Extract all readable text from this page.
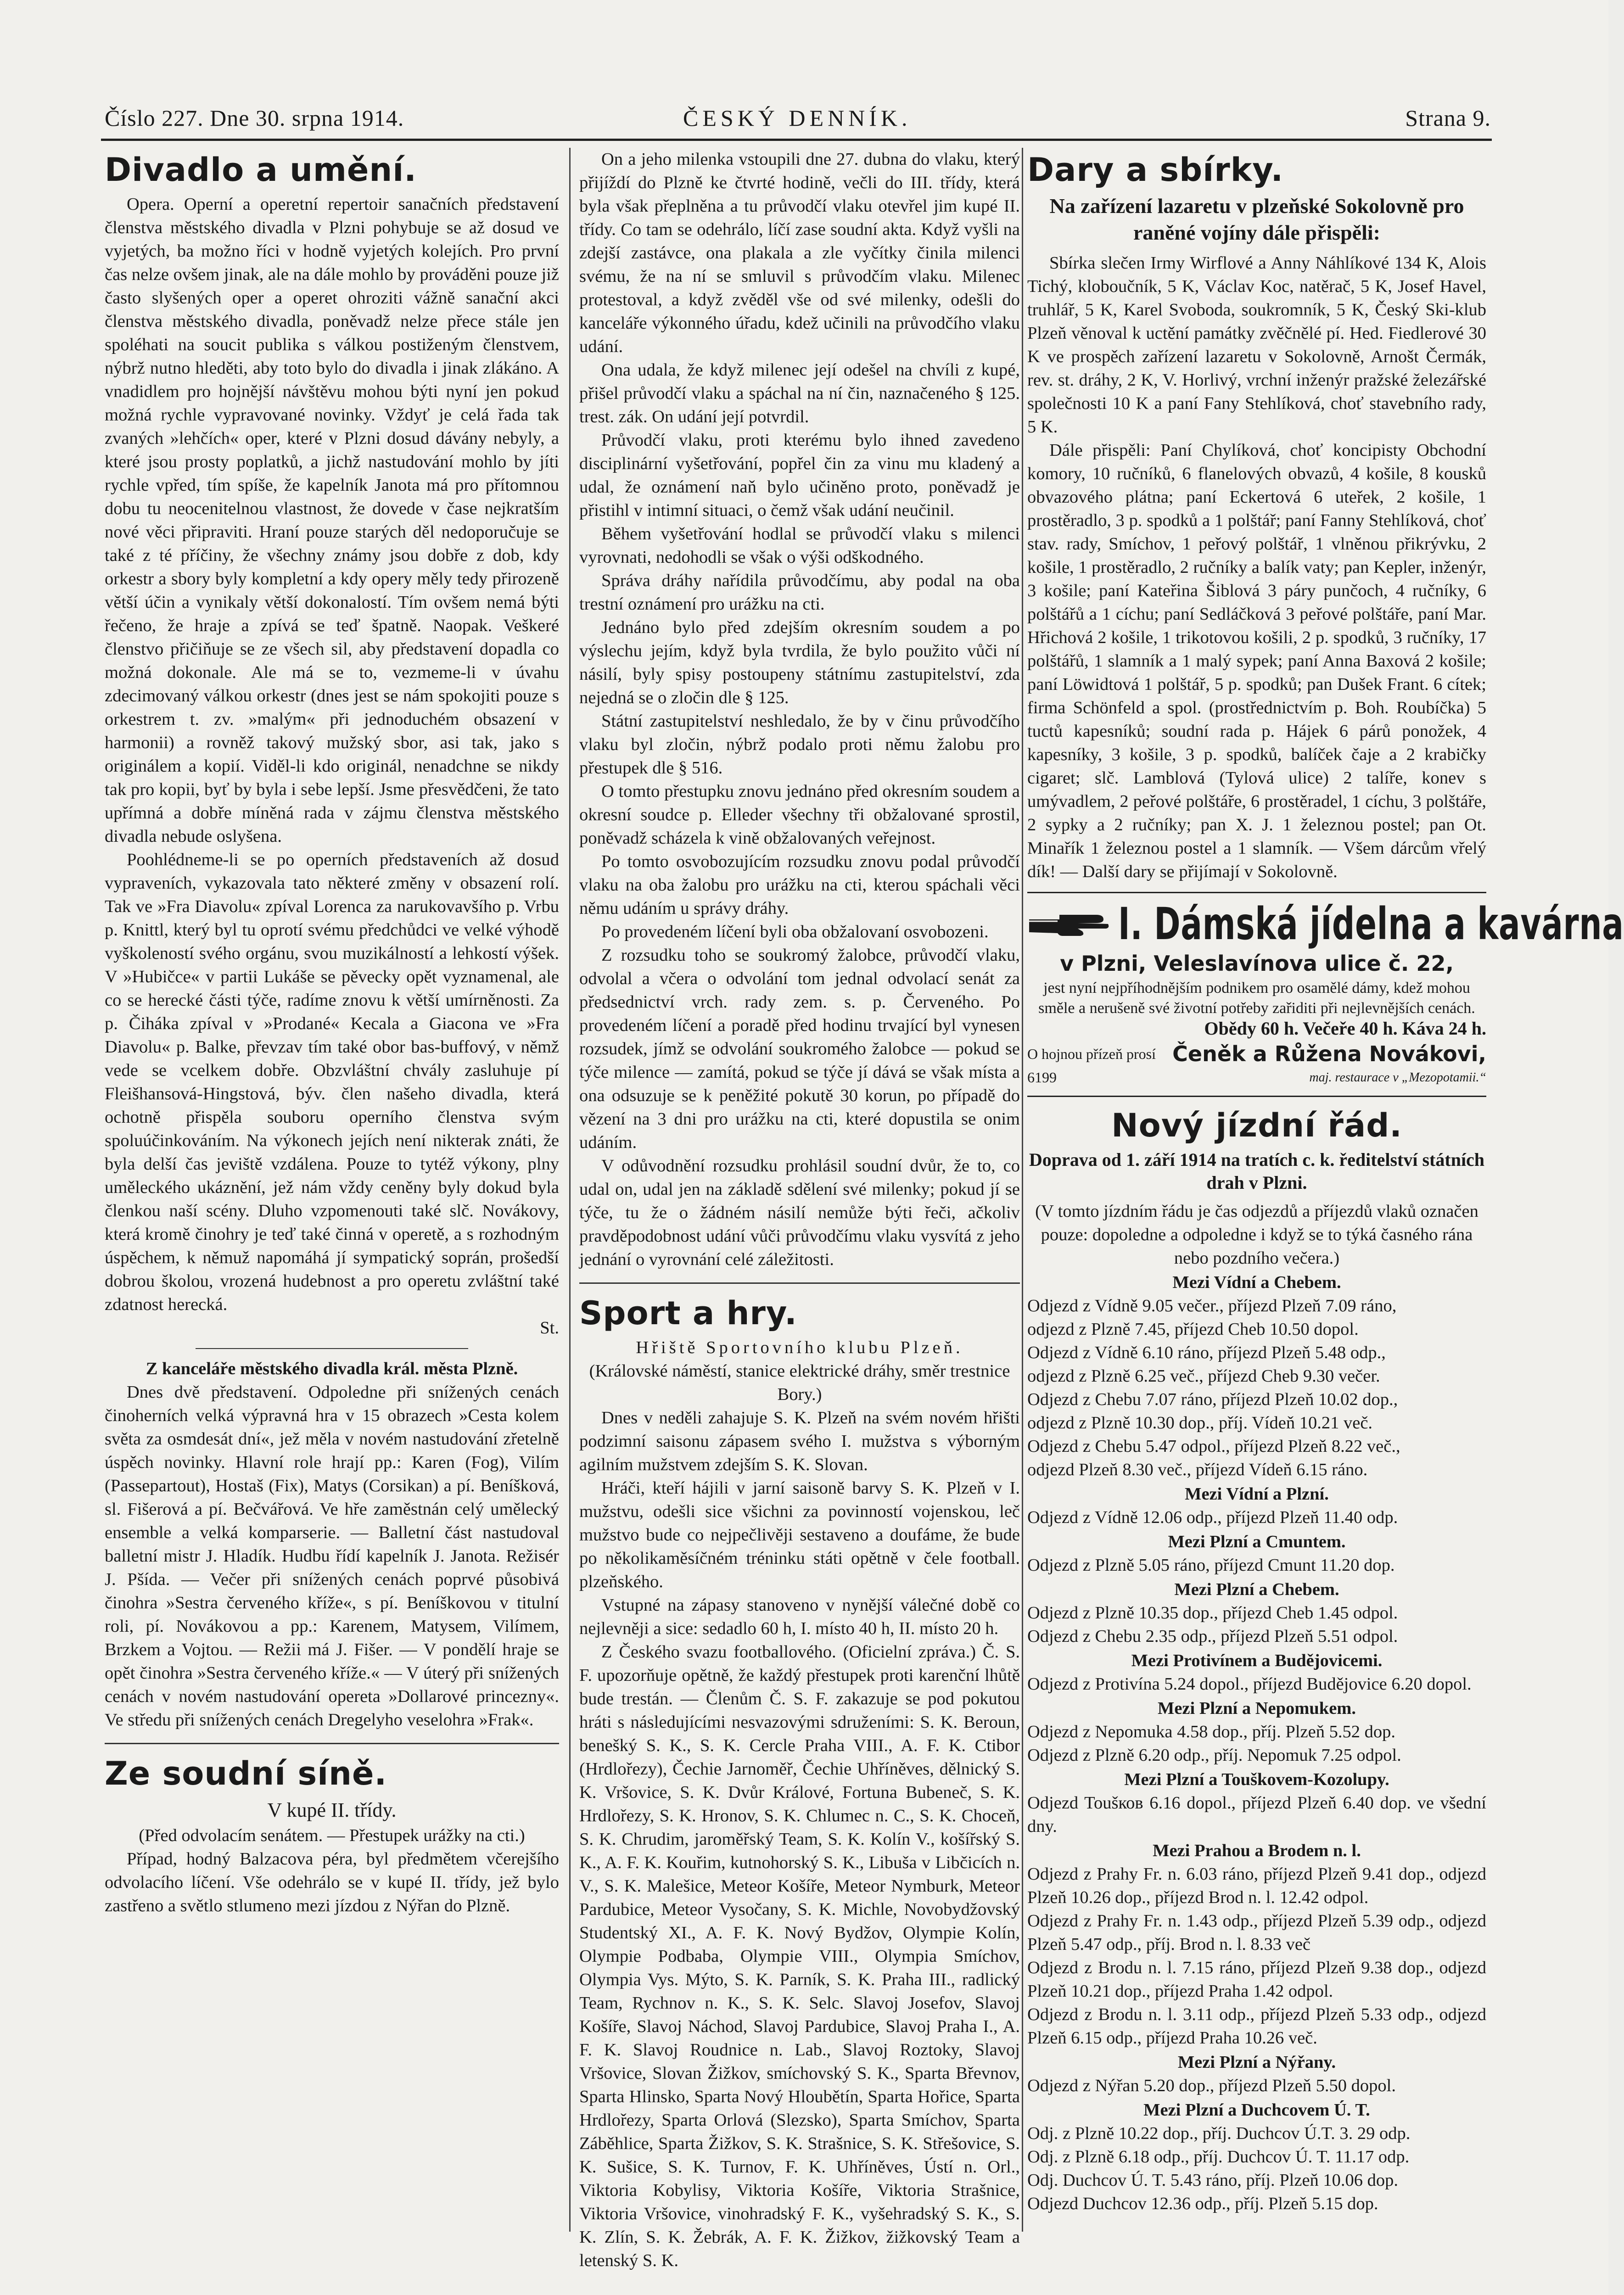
Číslo 227. Dne 30. srpna 1914.	ČESKÝ DENNÍK.	Strana 9.
Divadlo a umění.

Opera. Operní a operetní repertoir sanačních představení členstva městského divadla v Plzni pohybuje se až dosud ve vyjetých, ba možno říci v hodně vyjetých kolejích. Pro první čas nelze ovšem jinak, ale na dále mohlo by prováděni pouze již často slyšených oper a operet ohroziti vážně sanační akci členstva městského divadla, poněvadž nelze přece stále jen spoléhati na soucit publika s válkou postiženým členstvem, nýbrž nutno hleděti, aby toto bylo do divadla i jinak zlákáno. A vnadidlem pro hojnější návštěvu mohou býti nyní jen pokud možná rychle vypravované novinky. Vždyť je celá řada tak zvaných »lehčích« oper, které v Plzni dosud dávány nebyly, a které jsou prosty poplatků, a jichž nastudování mohlo by jíti rychle vpřed, tím spíše, že kapelník Janota má pro přítomnou dobu tu neocenitelnou vlastnost, že dovede v čase nejkratším nové věci připraviti. Hraní pouze starých děl nedoporučuje se také z té příčiny, že všechny známy jsou dobře z dob, kdy orkestr a sbory byly kompletní a kdy opery měly tedy přirozeně větší účin a vynikaly větší dokonalostí. Tím ovšem nemá býti řečeno, že hraje a zpívá se teď špatně. Naopak. Veškeré členstvo přičiňuje se ze všech sil, aby představení dopadla co možná dokonale. Ale má se to, vezmeme-li v úvahu zdecimovaný válkou orkestr (dnes jest se nám spokojiti pouze s orkestrem t. zv. »malým« při jednoduchém obsazení v harmonii) a rovněž takový mužský sbor, asi tak, jako s originálem a kopií. Viděl-li kdo originál, nenadchne se nikdy tak pro kopii, byť by byla i sebe lepší. Jsme přesvědčeni, že tato upřímná a dobře míněná rada v zájmu členstva městského divadla nebude oslyšena.

Poohlédneme-li se po operních představeních až dosud vypraveních, vykazovala tato některé změny v obsazení rolí. Tak ve »Fra Diavolu« zpíval Lorenca za narukovavšího p. Vrbu p. Knittl, který byl tu oprotí svému předchůdci ve velké výhodě vyškoleností svého orgánu, svou muzikálností a lehkostí výšek. V »Hubičce« v partii Lukáše se pěvecky opět vyznamenal, ale co se herecké části týče, radíme znovu k větší umírněnosti. Za p. Čiháka zpíval v »Prodané« Kecala a Giacona ve »Fra Diavolu« p. Balke, převzav tím také obor bas-buffový, v němž vede se vcelkem dobře. Obzvláštní chvály zasluhuje pí Fleišhansová-Hingstová, býv. člen našeho divadla, která ochotně přispěla souboru operního členstva svým spoluúčinkováním. Na výkonech jejích není nikterak znáti, že byla delší čas jeviště vzdálena. Pouze to tytéž výkony, plny uměleckého ukáznění, jež nám vždy ceněny byly dokud byla členkou naší scény. Dluho vzpomenouti také slč. Novákovy, která kromě činohry je teď také činná v operetě, a s rozhodným úspěchem, k němuž napomáhá jí sympatický soprán, prošedší dobrou školou, vrozená hudebnost a pro operetu zvláštní také zdatnost herecká.

St.

Z kanceláře městského divadla král. města Plzně.

Dnes dvě představení. Odpoledne při snížených cenách činoherních velká výpravná hra v 15 obrazech »Cesta kolem světa za osmdesát dní«, jež měla v novém nastudování zřetelně úspěch novinky. Hlavní role hrají pp.: Karen (Fog), Vilím (Passepartout), Hostaš (Fix), Matys (Corsikan) a pí. Beníšková, sl. Fišerová a pí. Bečvářová. Ve hře zaměstnán celý umělecký ensemble a velká komparserie. — Balletní část nastudoval balletní mistr J. Hladík. Hudbu řídí kapelník J. Janota. Režisér J. Pšída. — Večer při snížených cenách poprvé působivá činohra »Sestra červeného kříže«, s pí. Beníškovou v titulní roli, pí. Novákovou a pp.: Karenem, Matysem, Vilímem, Brzkem a Vojtou. — Režii má J. Fišer. — V pondělí hraje se opět činohra »Sestra červeného kříže.« — V úterý při snížených cenách v novém nastudování opereta »Dollarové princezny«. Ve středu při snížených cenách Dregelyho veselohra »Frak«.

Ze soudní síně.
V kupé II. třídy.

(Před odvolacím senátem. — Přestupek urážky na cti.)

Případ, hodný Balzacova péra, byl předmětem včerejšího odvolacího líčení. Vše odehrálo se v kupé II. třídy, jež bylo zastřeno a světlo stlumeno mezi jízdou z Nýřan do Plzně.

On a jeho milenka vstoupili dne 27. dubna do vlaku, který přijíždí do Plzně ke čtvrté hodině, večli do III. třídy, která byla však přeplněna a tu průvodčí vlaku otevřel jim kupé II. třídy. Co tam se odehrálo, líčí zase soudní akta. Když vyšli na zdejší zastávce, ona plakala a zle vyčítky činila milenci svému, že na ní se smluvil s průvodčím vlaku. Milenec protestoval, a když zvěděl vše od své milenky, odešli do kanceláře výkonného úřadu, kdež učinili na průvodčího vlaku udání.

Ona udala, že když milenec její odešel na chvíli z kupé, přišel průvodčí vlaku a spáchal na ní čin, naznačeného § 125. trest. zák. On udání její potvrdil.

Průvodčí vlaku, proti kterému bylo ihned zavedeno disciplinární vyšetřování, popřel čin za vinu mu kladený a udal, že oznámení naň bylo učiněno proto, poněvadž je přistihl v intimní situaci, o čemž však udání neučinil.

Během vyšetřování hodlal se průvodčí vlaku s milenci vyrovnati, nedohodli se však o výši odškodného.

Správa dráhy nařídila průvodčímu, aby podal na oba trestní oznámení pro urážku na cti.

Jednáno bylo před zdejším okresním soudem a po výslechu jejím, když byla tvrdila, že bylo použito vůči ní násilí, byly spisy postoupeny státnímu zastupitelství, zda nejedná se o zločin dle § 125.

Státní zastupitelství neshledalo, že by v činu průvodčího vlaku byl zločin, nýbrž podalo proti němu žalobu pro přestupek dle § 516.

O tomto přestupku znovu jednáno před okresním soudem a okresní soudce p. Elleder všechny tři obžalované sprostil, poněvadž scházela k vině obžalovaných veřejnost.

Po tomto osvobozujícím rozsudku znovu podal průvodčí vlaku na oba žalobu pro urážku na cti, kterou spáchali věci němu udáním u správy dráhy.

Po provedeném líčení byli oba obžalovaní osvobozeni.

Z rozsudku toho se soukromý žalobce, průvodčí vlaku, odvolal a včera o odvolání tom jednal odvolací senát za předsednictví vrch. rady zem. s. p. Červeného. Po provedeném líčení a poradě před hodinu trvající byl vynesen rozsudek, jímž se odvolání soukromého žalobce — pokud se týče milence — zamítá, pokud se týče jí dává se však místa a ona odsuzuje se k peněžité pokutě 30 korun, po případě do vězení na 3 dni pro urážku na cti, které dopustila se onim udáním.

V odůvodnění rozsudku prohlásil soudní dvůr, že to, co udal on, udal jen na základě sdělení své milenky; pokud jí se týče, tu že o žádném násilí nemůže býti řeči, ačkoliv pravděpodobnost udání vůči průvodčímu vlaku vysvítá z jeho jednání o vyrovnání celé záležitosti.

Sport a hry.

Hřiště Sportovního klubu Plzeň.

(Královské náměstí, stanice elektrické dráhy, směr trestnice Bory.)

Dnes v neděli zahajuje S. K. Plzeň na svém novém hřišti podzimní saisonu zápasem svého I. mužstva s výborným agilním mužstvem zdejším S. K. Slovan.

Hráči, kteří hájili v jarní saisoně barvy S. K. Plzeň v I. mužstvu, odešli sice všichni za povinností vojenskou, leč mužstvo bude co nejpečlivěji sestaveno a doufáme, že bude po několikaměsíčném tréninku státi opětně v čele football. plzeňského.

Vstupné na zápasy stanoveno v nynější válečné době co nejlevněji a sice: sedadlo 60 h, I. místo 40 h, II. místo 20 h.

Z Českého svazu footballového. (Oficielní zpráva.) Č. S. F. upozorňuje opětně, že každý přestupek proti karenční lhůtě bude trestán. — Členům Č. S. F. zakazuje se pod pokutou hráti s následujícími nesvazovými sdruženími: S. K. Beroun, benešký S. K., S. K. Cercle Praha VIII., A. F. K. Ctibor (Hrdlořezy), Čechie Jarnoměř, Čechie Uhříněves, dělnický S. K. Vršovice, S. K. Dvůr Králové, Fortuna Bubeneč, S. K. Hrdlořezy, S. K. Hronov, S. K. Chlumec n. C., S. K. Choceň, S. K. Chrudim, jaroměřský Team, S. K. Kolín V., košířský S. K., A. F. K. Kouřim, kutnohorský S. K., Libuša v Libčicích n. V., S. K. Malešice, Meteor Košíře, Meteor Nymburk, Meteor Pardubice, Meteor Vysočany, S. K. Michle, Novobydžovský Studentský XI., A. F. K. Nový Bydžov, Olympie Kolín, Olympie Podbaba, Olympie VIII., Olympia Smíchov, Olympia Vys. Mýto, S. K. Parník, S. K. Praha III., radlický Team, Rychnov n. K., S. K. Selc. Slavoj Josefov, Slavoj Košíře, Slavoj Náchod, Slavoj Pardubice, Slavoj Praha I., A. F. K. Slavoj Roudnice n. Lab., Slavoj Roztoky, Slavoj Vršovice, Slovan Žižkov, smíchovský S. K., Sparta Břevnov, Sparta Hlinsko, Sparta Nový Hloubětín, Sparta Hořice, Sparta Hrdlořezy, Sparta Orlová (Slezsko), Sparta Smíchov, Sparta Záběhlice, Sparta Žižkov, S. K. Strašnice, S. K. Střešovice, S. K. Sušice, S. K. Turnov, F. K. Uhříněves, Ústí n. Orl., Viktoria Kobylisy, Viktoria Košíře, Viktoria Strašnice, Viktoria Vršovice, vinohradský F. K., vyšehradský S. K., S. K. Zlín, S. K. Žebrák, A. F. K. Žižkov, žižkovský Team a letenský S. K.

Dary a sbírky.
Na zařízení lazaretu v plzeňské Sokolovně pro raněné vojíny dále přispěli:

Sbírka slečen Irmy Wirflové a Anny Náhlíkové 134 K, Alois Tichý, kloboučník, 5 K, Václav Koc, natěrač, 5 K, Josef Havel, truhlář, 5 K, Karel Svoboda, soukromník, 5 K, Český Ski-klub Plzeň věnoval k uctění památky zvěčnělé pí. Hed. Fiedlerové 30 K ve prospěch zařízení lazaretu v Sokolovně, Arnošt Čermák, rev. st. dráhy, 2 K, V. Horlivý, vrchní inženýr pražské železářské společnosti 10 K a paní Fany Stehlíková, choť stavebního rady, 5 K.

Dále přispěli: Paní Chylíková, choť koncipisty Obchodní komory, 10 ručníků, 6 flanelových obvazů, 4 košile, 8 kousků obvazového plátna; paní Eckertová 6 uteřek, 2 košile, 1 prostěradlo, 3 p. spodků a 1 polštář; paní Fanny Stehlíková, choť stav. rady, Smíchov, 1 peřový polštář, 1 vlněnou přikrývku, 2 košile, 1 prostěradlo, 2 ručníky a balík vaty; pan Kepler, inženýr, 3 košile; paní Kateřina Šiblová 3 páry punčoch, 4 ručníky, 6 polštářů a 1 cíchu; paní Sedláčková 3 peřové polštáře, paní Mar. Hřichová 2 košile, 1 trikotovou košili, 2 p. spodků, 3 ručníky, 17 polštářů, 1 slamník a 1 malý sypek; paní Anna Baxová 2 košile; paní Löwidtová 1 polštář, 5 p. spodků; pan Dušek Frant. 6 cítek; firma Schönfeld a spol. (prostřednictvím p. Boh. Roubíčka) 5 tuctů kapesníků; soudní rada p. Hájek 6 párů ponožek, 4 kapesníky, 3 košile, 3 p. spodků, balíček čaje a 2 krabičky cigaret; slč. Lamblová (Tylová ulice) 2 talíře, konev s umývadlem, 2 peřové polštáře, 6 prostěradel, 1 cíchu, 3 polštáře, 2 sypky a 2 ručníky; pan X. J. 1 železnou postel; pan Ot. Minařík 1 železnou postel a 1 slamník. — Všem dárcům vřelý dík! — Další dary se přijímají v Sokolovně.

I. Dámská jídelna a kavárna
v Plzni, Veleslavínova ulice č. 22,
jest nyní nejpříhodnějším podnikem pro osamělé dámy, kdež mohou směle a nerušeně své životní potřeby zařiditi při nejlevnějších cenách.
Obědy 60 h. Večeře 40 h. Káva 24 h.
O hojnou přízeň prosí
6199
Čeněk a Růžena Novákovi,
maj. restaurace v „Mezopotamii.“
Nový jízdní řád.
Doprava od 1. září 1914 na tratích c. k. ředitelství státních drah v Plzni.

(V tomto jízdním řádu je čas odjezdů a příjezdů vlaků označen pouze: dopoledne a odpoledne i když se to týká časného rána nebo pozdního večera.)

Mezi Vídní a Chebem.

Odjezd z Vídně 9.05 večer., příjezd Plzeň 7.09 ráno,

odjezd z Plzně 7.45, příjezd Cheb 10.50 dopol.

Odjezd z Vídně 6.10 ráno, příjezd Plzeň 5.48 odp.,

odjezd z Plzně 6.25 več., příjezd Cheb 9.30 večer.

Odjezd z Chebu 7.07 ráno, příjezd Plzeň 10.02 dop.,

odjezd z Plzně 10.30 dop., příj. Vídeň 10.21 več.

Odjezd z Chebu 5.47 odpol., příjezd Plzeň 8.22 več.,

odjezd Plzeň 8.30 več., příjezd Vídeň 6.15 ráno.

Mezi Vídní a Plzní.

Odjezd z Vídně 12.06 odp., příjezd Plzeň 11.40 odp.

Mezi Plzní a Cmuntem.

Odjezd z Plzně 5.05 ráno, příjezd Cmunt 11.20 dop.

Mezi Plzní a Chebem.

Odjezd z Plzně 10.35 dop., příjezd Cheb 1.45 odpol.

Odjezd z Chebu 2.35 odp., příjezd Plzeň 5.51 odpol.

Mezi Protivínem a Budějovicemi.

Odjezd z Protivína 5.24 dopol., příjezd Budějovice 6.20 dopol.

Mezi Plzní a Nepomukem.

Odjezd z Nepomuka 4.58 dop., příj. Plzeň 5.52 dop.

Odjezd z Plzně 6.20 odp., příj. Nepomuk 7.25 odpol.

Mezi Plzní a Touškovem-Kozolupy.

Odjezd Toušков 6.16 dopol., příjezd Plzeň 6.40 dop. ve všední dny.

Mezi Prahou a Brodem n. l.

Odjezd z Prahy Fr. n. 6.03 ráno, příjezd Plzeň 9.41 dop., odjezd Plzeň 10.26 dop., příjezd Brod n. l. 12.42 odpol.

Odjezd z Prahy Fr. n. 1.43 odp., příjezd Plzeň 5.39 odp., odjezd Plzeň 5.47 odp., příj. Brod n. l. 8.33 več

Odjezd z Brodu n. l. 7.15 ráno, příjezd Plzeň 9.38 dop., odjezd Plzeň 10.21 dop., příjezd Praha 1.42 odpol.

Odjezd z Brodu n. l. 3.11 odp., příjezd Plzeň 5.33 odp., odjezd Plzeň 6.15 odp., příjezd Praha 10.26 več.

Mezi Plzní a Nýřany.

Odjezd z Nýřan 5.20 dop., příjezd Plzeň 5.50 dopol.

Mezi Plzní a Duchcovem Ú. T.

Odj. z Plzně 10.22 dop., příj. Duchcov Ú.T. 3. 29 odp.

Odj. z Plzně 6.18 odp., příj. Duchcov Ú. T. 11.17 odp.

Odj. Duchcov Ú. T. 5.43 ráno, příj. Plzeň 10.06 dop.

Odjezd Duchcov 12.36 odp., příj. Plzeň 5.15 dop.
